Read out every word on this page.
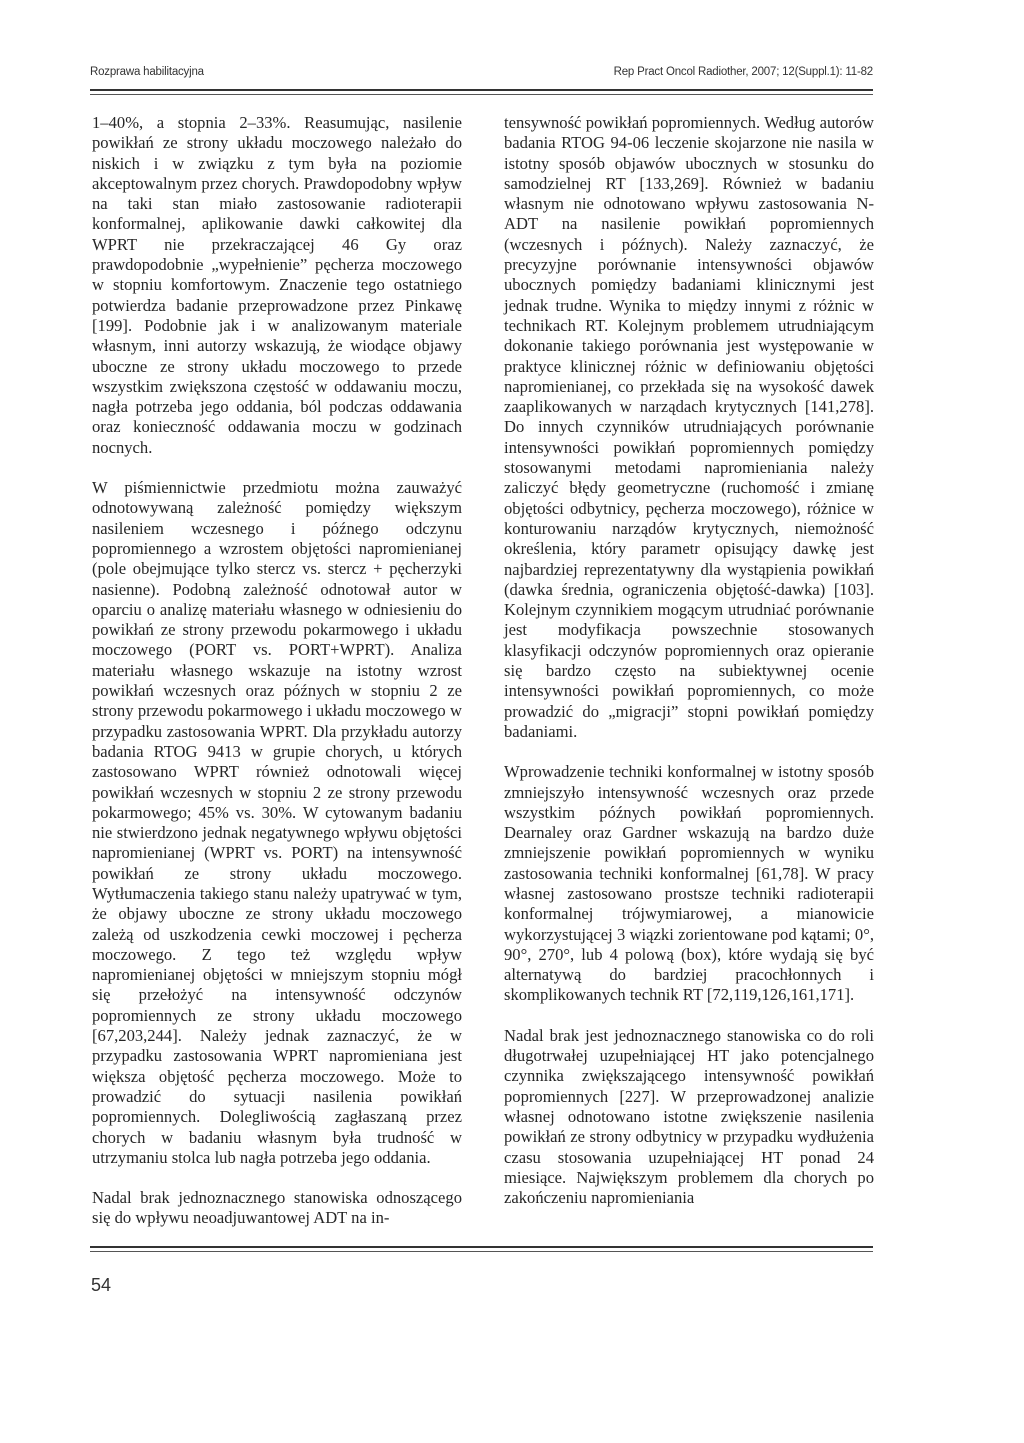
Rozprawa habilitacyjna	Rep Pract Oncol Radiother, 2007; 12(Suppl.1): 11-82

1–40%, a stopnia 2–33%. Reasumując, nasilenie powikłań ze strony układu moczowego należało do niskich i w związku z tym była na poziomie akceptowalnym przez chorych. Prawdopodobny wpływ na taki stan miało zastosowanie radioterapii konformalnej, aplikowanie dawki całkowitej dla WPRT nie przekraczającej 46 Gy oraz prawdopodobnie „wypełnienie” pęcherza moczowego w stopniu komfortowym. Znaczenie tego ostatniego potwierdza badanie przeprowadzone przez Pinkawę [199]. Podobnie jak i w analizowanym materiale własnym, inni autorzy wskazują, że wiodące objawy uboczne ze strony układu moczowego to przede wszystkim zwiększona częstość w oddawaniu moczu, nagła potrzeba jego oddania, ból podczas oddawania oraz konieczność oddawania moczu w godzinach nocnych.

W piśmiennictwie przedmiotu można zauważyć odnotowywaną zależność pomiędzy większym nasileniem wczesnego i późnego odczynu popromiennego a wzrostem objętości napromienianej (pole obejmujące tylko stercz vs. stercz + pęcherzyki nasienne). Podobną zależność odnotował autor w oparciu o analizę materiału własnego w odniesieniu do powikłań ze strony przewodu pokarmowego i układu moczowego (PORT vs. PORT+WPRT). Analiza materiału własnego wskazuje na istotny wzrost powikłań wczesnych oraz późnych w stopniu 2 ze strony przewodu pokarmowego i układu moczowego w przypadku zastosowania WPRT. Dla przykładu autorzy badania RTOG 9413 w grupie chorych, u których zastosowano WPRT również odnotowali więcej powikłań wczesnych w stopniu 2 ze strony przewodu pokarmowego; 45% vs. 30%. W cytowanym badaniu nie stwierdzono jednak negatywnego wpływu objętości napromienianej (WPRT vs. PORT) na intensywność powikłań ze strony układu moczowego. Wytłumaczenia takiego stanu należy upatrywać w tym, że objawy uboczne ze strony układu moczowego zależą od uszkodzenia cewki moczowej i pęcherza moczowego. Z tego też względu wpływ napromienianej objętości w mniejszym stopniu mógł się przełożyć na intensywność odczynów popromiennych ze strony układu moczowego [67,203,244]. Należy jednak zaznaczyć, że w przypadku zastosowania WPRT napromieniana jest większa objętość pęcherza moczowego. Może to prowadzić do sytuacji nasilenia powikłań popromiennych. Dolegliwością zagłaszaną przez chorych w badaniu własnym była trudność w utrzymaniu stolca lub nagła potrzeba jego oddania.

Nadal brak jednoznacznego stanowiska odnoszącego się do wpływu neoadjuwantowej ADT na in-

tensywność powikłań popromiennych. Według autorów badania RTOG 94-06 leczenie skojarzone nie nasila w istotny sposób objawów ubocznych w stosunku do samodzielnej RT [133,269]. Również w badaniu własnym nie odnotowano wpływu zastosowania N-ADT na nasilenie powikłań popromiennych (wczesnych i późnych). Należy zaznaczyć, że precyzyjne porównanie intensywności objawów ubocznych pomiędzy badaniami klinicznymi jest jednak trudne. Wynika to między innymi z różnic w technikach RT. Kolejnym problemem utrudniającym dokonanie takiego porównania jest występowanie w praktyce klinicznej różnic w definiowaniu objętości napromienianej, co przekłada się na wysokość dawek zaaplikowanych w narządach krytycznych [141,278]. Do innych czynników utrudniających porównanie intensywności powikłań popromiennych pomiędzy stosowanymi metodami napromieniania należy zaliczyć błędy geometryczne (ruchomość i zmianę objętości odbytnicy, pęcherza moczowego), różnice w konturowaniu narządów krytycznych, niemożność określenia, który parametr opisujący dawkę jest najbardziej reprezentatywny dla wystąpienia powikłań (dawka średnia, ograniczenia objętość-dawka) [103]. Kolejnym czynnikiem mogącym utrudniać porównanie jest modyfikacja powszechnie stosowanych klasyfikacji odczynów popromiennych oraz opieranie się bardzo często na subiektywnej ocenie intensywności powikłań popromiennych, co może prowadzić do „migracji” stopni powikłań pomiędzy badaniami.

Wprowadzenie techniki konformalnej w istotny sposób zmniejszyło intensywność wczesnych oraz przede wszystkim późnych powikłań popromiennych. Dearnaley oraz Gardner wskazują na bardzo duże zmniejszenie powikłań popromiennych w wyniku zastosowania techniki konformalnej [61,78]. W pracy własnej zastosowano prostsze techniki radioterapii konformalnej trójwymiarowej, a mianowicie wykorzystującej 3 wiązki zorientowane pod kątami; 0°, 90°, 270°, lub 4 polową (box), które wydają się być alternatywą do bardziej pracochłonnych i skomplikowanych technik RT [72,119,126,161,171].

Nadal brak jest jednoznacznego stanowiska co do roli długotrwałej uzupełniającej HT jako potencjalnego czynnika zwiększającego intensywność powikłań popromiennych [227]. W przeprowadzonej analizie własnej odnotowano istotne zwiększenie nasilenia powikłań ze strony odbytnicy w przypadku wydłużenia czasu stosowania uzupełniającej HT ponad 24 miesiące. Największym problemem dla chorych po zakończeniu napromieniania

54
